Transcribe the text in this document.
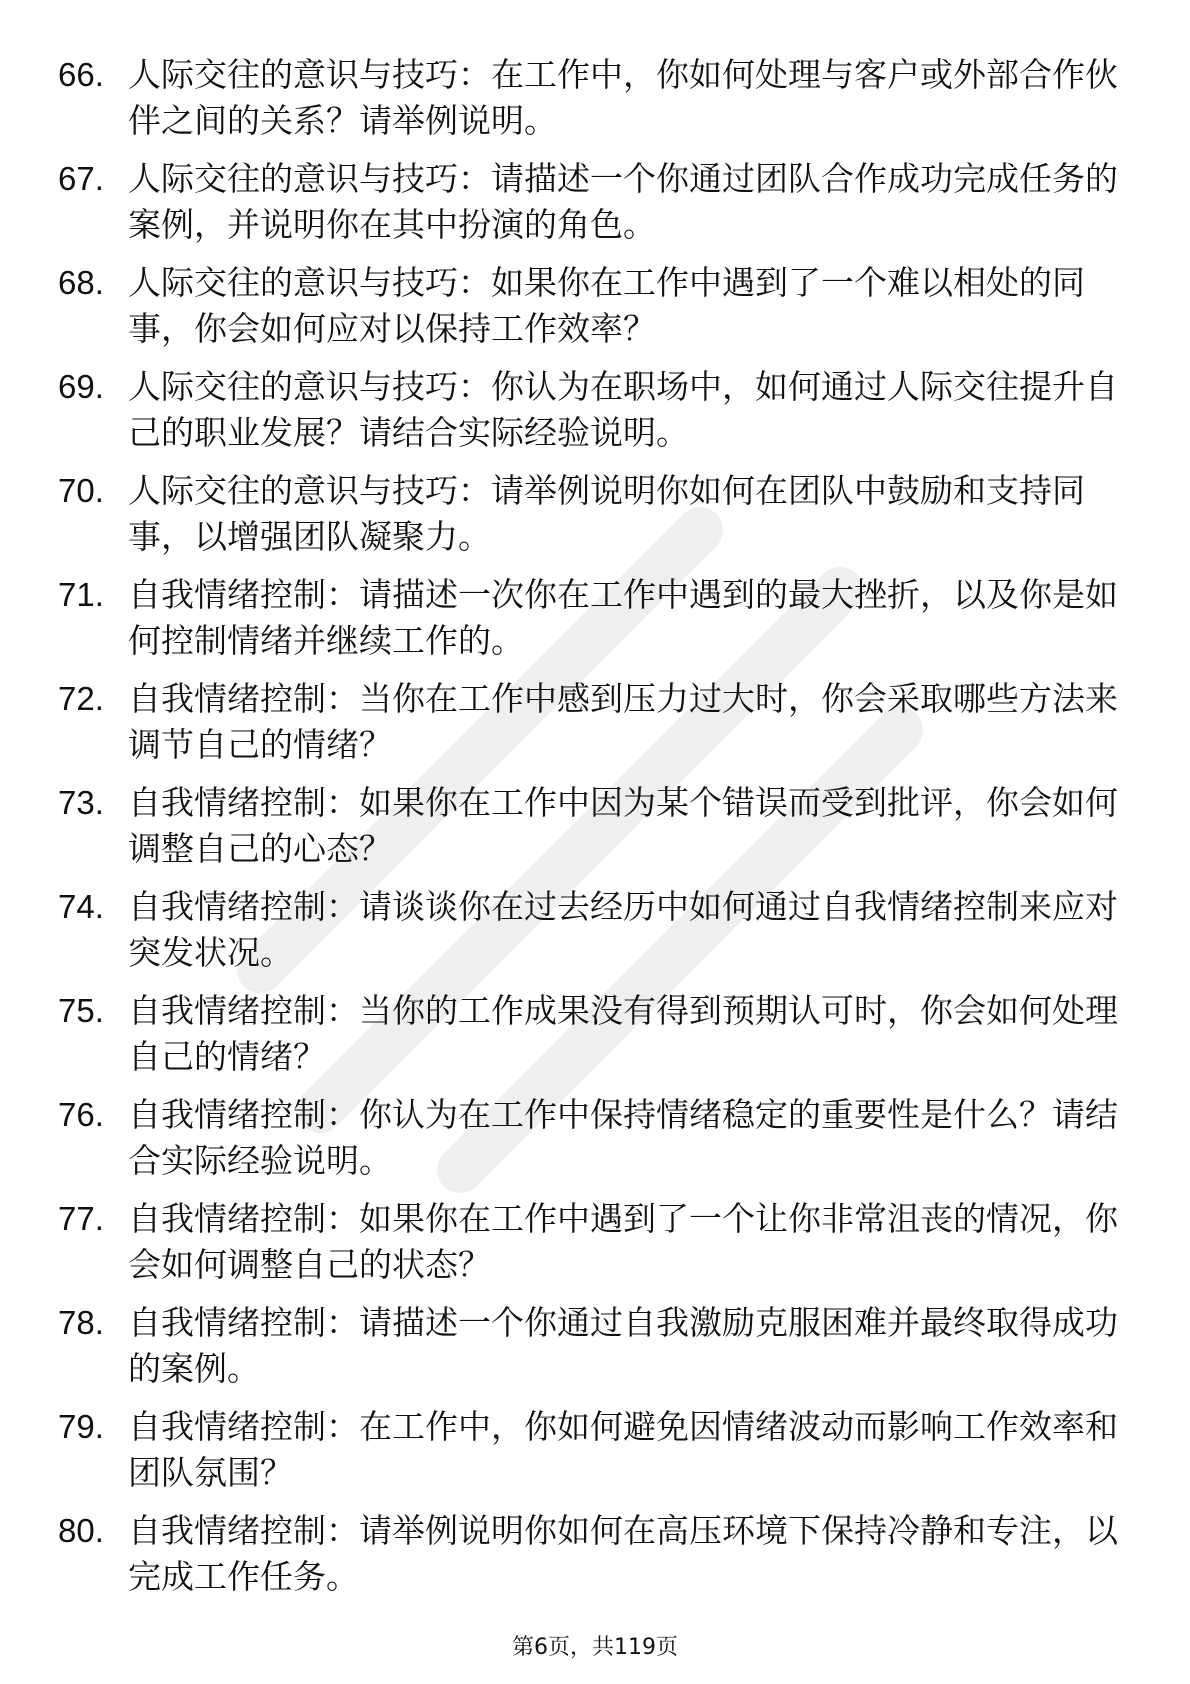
66. 人际交往的意识与技巧：在工作中，你如何处理与客户或外部合作伙伴之间的关系？请举例说明。
67. 人际交往的意识与技巧：请描述一个你通过团队合作成功完成任务的案例，并说明你在其中扮演的角色。
68. 人际交往的意识与技巧：如果你在工作中遇到了一个难以相处的同事，你会如何应对以保持工作效率？
69. 人际交往的意识与技巧：你认为在职场中，如何通过人际交往提升自己的职业发展？请结合实际经验说明。
70. 人际交往的意识与技巧：请举例说明你如何在团队中鼓励和支持同事，以增强团队凝聚力。
71. 自我情绪控制：请描述一次你在工作中遇到的最大挫折，以及你是如何控制情绪并继续工作的。
72. 自我情绪控制：当你在工作中感到压力过大时，你会采取哪些方法来调节自己的情绪？
73. 自我情绪控制：如果你在工作中因为某个错误而受到批评，你会如何调整自己的心态？
74. 自我情绪控制：请谈谈你在过去经历中如何通过自我情绪控制来应对突发状况。
75. 自我情绪控制：当你的工作成果没有得到预期认可时，你会如何处理自己的情绪？
76. 自我情绪控制：你认为在工作中保持情绪稳定的重要性是什么？请结合实际经验说明。
77. 自我情绪控制：如果你在工作中遇到了一个让你非常沮丧的情况，你会如何调整自己的状态？
78. 自我情绪控制：请描述一个你通过自我激励克服困难并最终取得成功的案例。
79. 自我情绪控制：在工作中，你如何避免因情绪波动而影响工作效率和团队氛围？
80. 自我情绪控制：请举例说明你如何在高压环境下保持冷静和专注，以完成工作任务。
第6页，共119页
